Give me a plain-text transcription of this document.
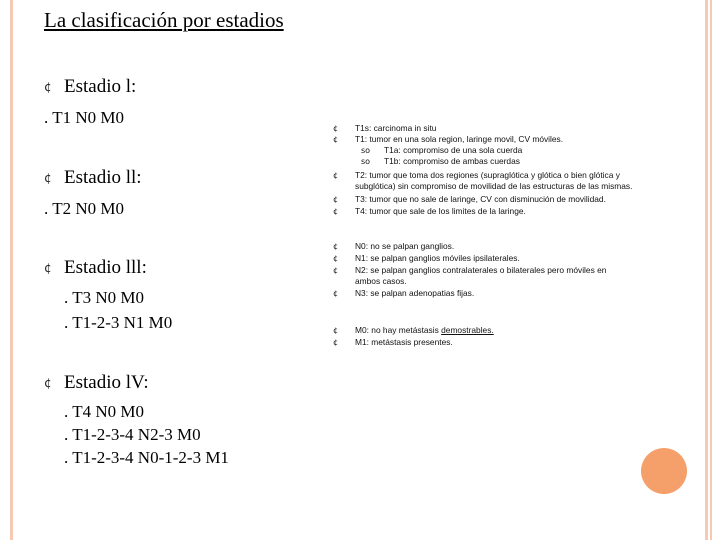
La clasificación por estadios
¢ Estadio l:
. T1 N0 M0
¢ Estadio ll:
. T2 N0 M0
¢ Estadio lll:
. T3 N0 M0
. T1-2-3 N1 M0
¢ Estadio lV:
. T4 N0 M0
. T1-2-3-4 N2-3 M0
. T1-2-3-4 N0-1-2-3 M1
¢ T1s: carcinoma in situ
¢ T1: tumor en una sola region, laringe movil, CV móviles.
so T1a: compromiso de una sola cuerda
so T1b: compromiso de ambas cuerdas
¢ T2: tumor que toma dos regiones (supraglótica y glótica o bien glótica y
subglótica) sin compromiso de movilidad de las estructuras de las mismas.
¢ T3: tumor que no sale de laringe, CV con disminución de movilidad.
¢ T4: tumor que sale de los limites de la laringe.
¢ N0: no se palpan ganglios.
¢ N1: se palpan ganglios móviles ipsilaterales.
¢ N2: se palpan ganglios contralaterales o bilaterales pero móviles en
ambos casos.
¢ N3: se palpan adenopatias fijas.
¢ M0: no hay metástasis demostrables.
¢ M1: metástasis presentes.
